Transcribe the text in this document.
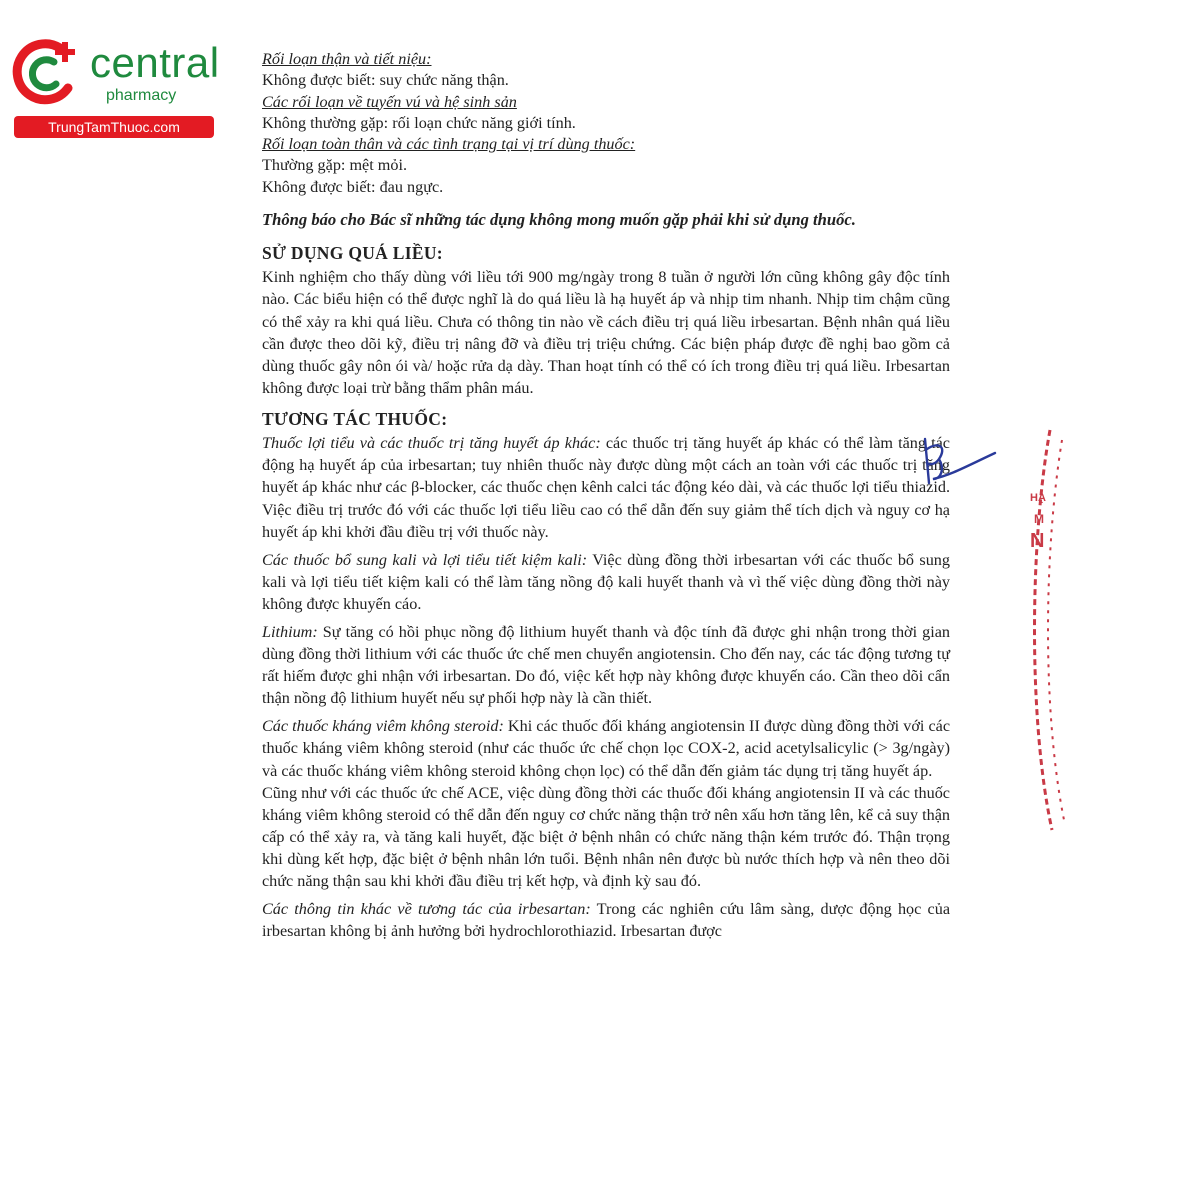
central
pharmacy
TrungTamThuoc.com

Rối loạn thận và tiết niệu:

Không được biết: suy chức năng thận.

Các rối loạn về tuyến vú và hệ sinh sản

Không thường gặp: rối loạn chức năng giới tính.

Rối loạn toàn thân và các tình trạng tại vị trí dùng thuốc:

Thường gặp: mệt mỏi.

Không được biết: đau ngực.

Thông báo cho Bác sĩ những tác dụng không mong muốn gặp phải khi sử dụng thuốc.

SỬ DỤNG QUÁ LIỀU:

Kinh nghiệm cho thấy dùng với liều tới 900 mg/ngày trong 8 tuần ở người lớn cũng không gây độc tính nào. Các biểu hiện có thể được nghĩ là do quá liều là hạ huyết áp và nhịp tim nhanh. Nhịp tim chậm cũng có thể xảy ra khi quá liều. Chưa có thông tin nào về cách điều trị quá liều irbesartan. Bệnh nhân quá liều cần được theo dõi kỹ, điều trị nâng đỡ và điều trị triệu chứng. Các biện pháp được đề nghị bao gồm cả dùng thuốc gây nôn ói và/ hoặc rửa dạ dày. Than hoạt tính có thể có ích trong điều trị quá liều. Irbesartan không được loại trừ bằng thẩm phân máu.

TƯƠNG TÁC THUỐC:

Thuốc lợi tiểu và các thuốc trị tăng huyết áp khác: các thuốc trị tăng huyết áp khác có thể làm tăng tác động hạ huyết áp của irbesartan; tuy nhiên thuốc này được dùng một cách an toàn với các thuốc trị tăng huyết áp khác như các β-blocker, các thuốc chẹn kênh calci tác động kéo dài, và các thuốc lợi tiểu thiazid. Việc điều trị trước đó với các thuốc lợi tiểu liều cao có thể dẫn đến suy giảm thể tích dịch và nguy cơ hạ huyết áp khi khởi đầu điều trị với thuốc này.

Các thuốc bổ sung kali và lợi tiểu tiết kiệm kali: Việc dùng đồng thời irbesartan với các thuốc bổ sung kali và lợi tiểu tiết kiệm kali có thể làm tăng nồng độ kali huyết thanh và vì thế việc dùng đồng thời này không được khuyến cáo.

Lithium: Sự tăng có hồi phục nồng độ lithium huyết thanh và độc tính đã được ghi nhận trong thời gian dùng đồng thời lithium với các thuốc ức chế men chuyển angiotensin. Cho đến nay, các tác động tương tự rất hiếm được ghi nhận với irbesartan. Do đó, việc kết hợp này không được khuyến cáo. Cần theo dõi cẩn thận nồng độ lithium huyết nếu sự phối hợp này là cần thiết.

Các thuốc kháng viêm không steroid: Khi các thuốc đối kháng angiotensin II được dùng đồng thời với các thuốc kháng viêm không steroid (như các thuốc ức chế chọn lọc COX-2, acid acetylsalicylic (> 3g/ngày) và các thuốc kháng viêm không steroid không chọn lọc) có thể dẫn đến giảm tác dụng trị tăng huyết áp.

Cũng như với các thuốc ức chế ACE, việc dùng đồng thời các thuốc đối kháng angiotensin II và các thuốc kháng viêm không steroid có thể dẫn đến nguy cơ chức năng thận trở nên xấu hơn tăng lên, kể cả suy thận cấp có thể xảy ra, và tăng kali huyết, đặc biệt ở bệnh nhân có chức năng thận kém trước đó. Thận trọng khi dùng kết hợp, đặc biệt ở bệnh nhân lớn tuổi. Bệnh nhân nên được bù nước thích hợp và nên theo dõi chức năng thận sau khi khởi đầu điều trị kết hợp, và định kỳ sau đó.

Các thông tin khác về tương tác của irbesartan: Trong các nghiên cứu lâm sàng, dược động học của irbesartan không bị ảnh hưởng bởi hydrochlorothiazid. Irbesartan được

HẠ
M
N
